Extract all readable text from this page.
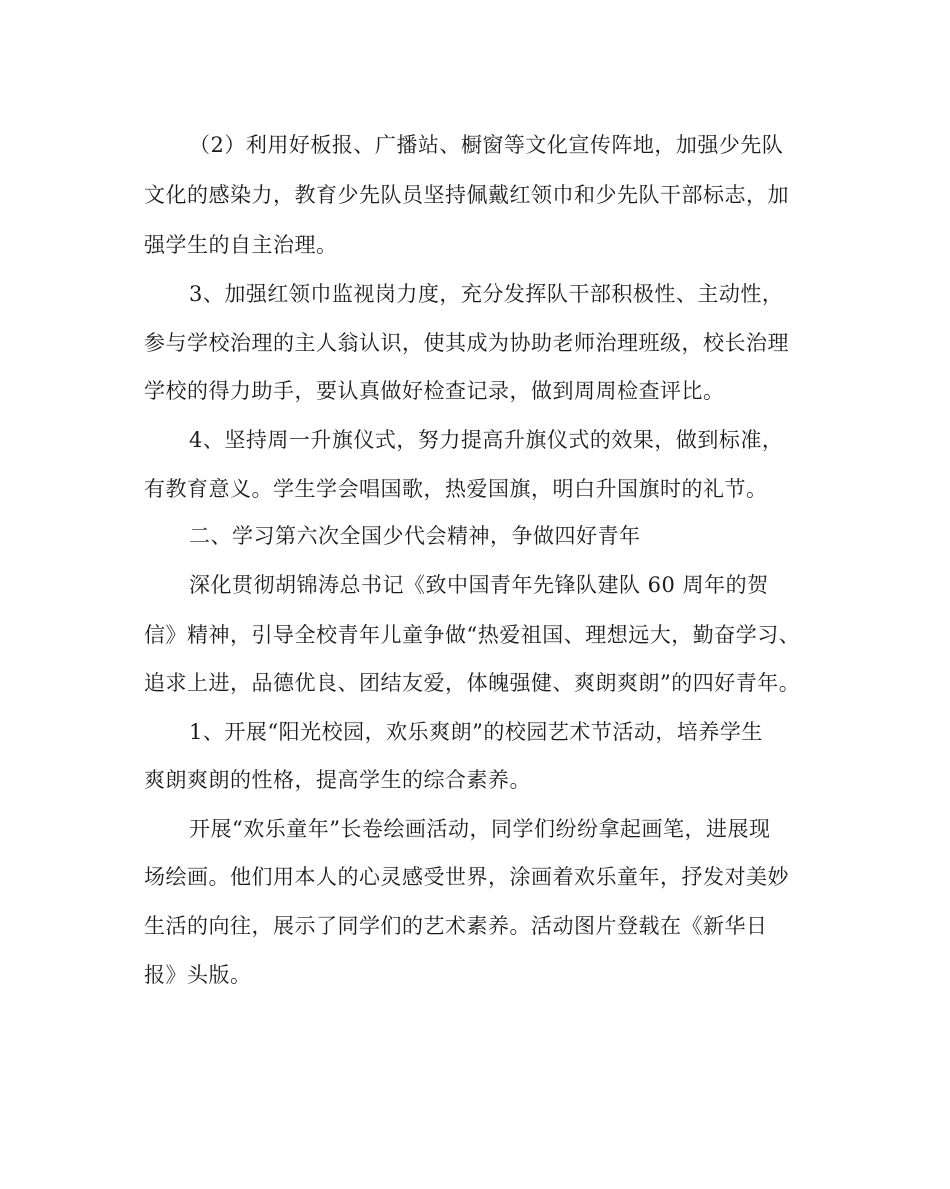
（2）利用好板报、广播站、橱窗等文化宣传阵地，加强少先队
文化的感染力，教育少先队员坚持佩戴红领巾和少先队干部标志，加
强学生的自主治理。
3、加强红领巾监视岗力度，充分发挥队干部积极性、主动性，
参与学校治理的主人翁认识，使其成为协助老师治理班级，校长治理
学校的得力助手，要认真做好检查记录，做到周周检查评比。
4、坚持周一升旗仪式，努力提高升旗仪式的效果，做到标准，
有教育意义。学生学会唱国歌，热爱国旗，明白升国旗时的礼节。
二、学习第六次全国少代会精神，争做四好青年
深化贯彻胡锦涛总书记《致中国青年先锋队建队 60 周年的贺
信》精神，引导全校青年儿童争做“热爱祖国、理想远大，勤奋学习、
追求上进，品德优良、团结友爱，体魄强健、爽朗爽朗”的四好青年。
1、开展“阳光校园，欢乐爽朗”的校园艺术节活动，培养学生
爽朗爽朗的性格，提高学生的综合素养。
开展“欢乐童年”长卷绘画活动，同学们纷纷拿起画笔，进展现
场绘画。他们用本人的心灵感受世界，涂画着欢乐童年，抒发对美妙
生活的向往，展示了同学们的艺术素养。活动图片登载在《新华日
报》头版。
